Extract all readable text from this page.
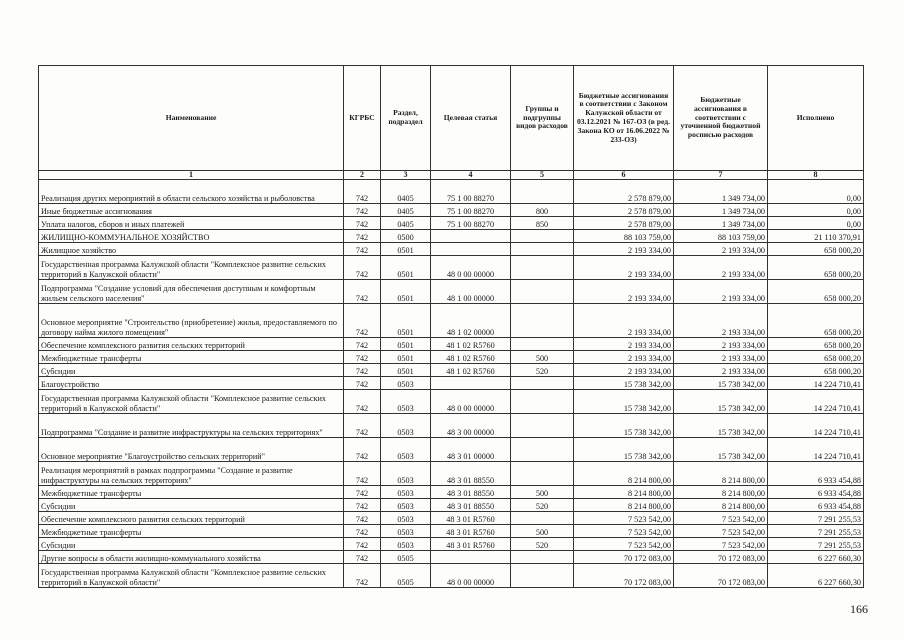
Наименование	КГРБС	Раздел, подраздел	Целевая статья	Группы и подгруппы видов расходов	Бюджетные ассигнования в соответствии с Законом Калужской области от 03.12.2021 № 167-ОЗ (в ред. Закона КО от 16.06.2022 № 233-ОЗ)	Бюджетные ассигнования в соответствии с уточненной бюджетной росписью расходов	Исполнено
1	2	3	4	5	6	7	8
Реализация других мероприятий в области сельского хозяйства и рыболовства	742	0405	75 1 00 88270		2 578 879,00	1 349 734,00	0,00
Иные бюджетные ассигнования	742	0405	75 1 00 88270	800	2 578 879,00	1 349 734,00	0,00
Уплата налогов, сборов и иных платежей	742	0405	75 1 00 88270	850	2 578 879,00	1 349 734,00	0,00
ЖИЛИЩНО-КОММУНАЛЬНОЕ ХОЗЯЙСТВО	742	0500			88 103 759,00	88 103 759,00	21 110 370,91
Жилищное хозяйство	742	0501			2 193 334,00	2 193 334,00	658 000,20
Государственная программа Калужской области "Комплексное развитие сельских территорий в Калужской области"	742	0501	48 0 00 00000		2 193 334,00	2 193 334,00	658 000,20
Подпрограмма "Создание условий для обеспечения доступным и комфортным жильем сельского населения"	742	0501	48 1 00 00000		2 193 334,00	2 193 334,00	658 000,20
Основное мероприятие "Строительство (приобретение) жилья, предоставляемого по договору найма жилого помещения"	742	0501	48 1 02 00000		2 193 334,00	2 193 334,00	658 000,20
Обеспечение комплексного развития сельских территорий	742	0501	48 1 02 R5760		2 193 334,00	2 193 334,00	658 000,20
Межбюджетные трансферты	742	0501	48 1 02 R5760	500	2 193 334,00	2 193 334,00	658 000,20
Субсидии	742	0501	48 1 02 R5760	520	2 193 334,00	2 193 334,00	658 000,20
Благоустройство	742	0503			15 738 342,00	15 738 342,00	14 224 710,41
Государственная программа Калужской области "Комплексное развитие сельских территорий в Калужской области"	742	0503	48 0 00 00000		15 738 342,00	15 738 342,00	14 224 710,41
Подпрограмма "Создание и развитие инфраструктуры на сельских территориях"	742	0503	48 3 00 00000		15 738 342,00	15 738 342,00	14 224 710,41
Основное мероприятие "Благоустройство сельских территорий"	742	0503	48 3 01 00000		15 738 342,00	15 738 342,00	14 224 710,41
Реализация мероприятий в рамках подпрограммы "Создание и развитие инфраструктуры на сельских территориях"	742	0503	48 3 01 88550		8 214 800,00	8 214 800,00	6 933 454,88
Межбюджетные трансферты	742	0503	48 3 01 88550	500	8 214 800,00	8 214 800,00	6 933 454,88
Субсидии	742	0503	48 3 01 88550	520	8 214 800,00	8 214 800,00	6 933 454,88
Обеспечение комплексного развития сельских территорий	742	0503	48 3 01 R5760		7 523 542,00	7 523 542,00	7 291 255,53
Межбюджетные трансферты	742	0503	48 3 01 R5760	500	7 523 542,00	7 523 542,00	7 291 255,53
Субсидии	742	0503	48 3 01 R5760	520	7 523 542,00	7 523 542,00	7 291 255,53
Другие вопросы в области жилищно-коммунального хозяйства	742	0505			70 172 083,00	70 172 083,00	6 227 660,30
Государственная программа Калужской области "Комплексное развитие сельских территорий в Калужской области"	742	0505	48 0 00 00000		70 172 083,00	70 172 083,00	6 227 660,30
166
